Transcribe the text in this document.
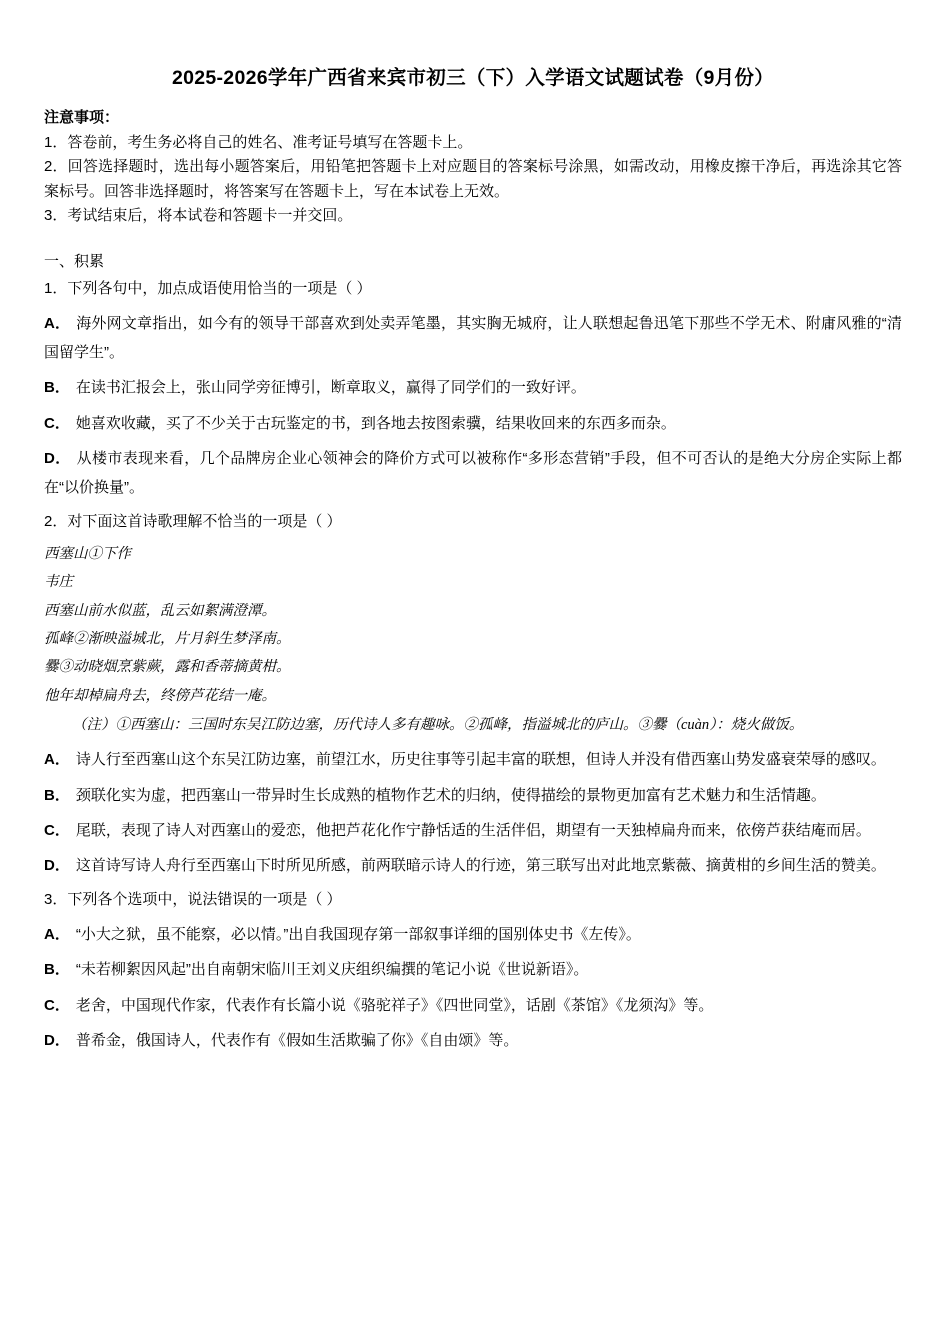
2025-2026学年广西省来宾市初三（下）入学语文试题试卷（9月份）
注意事项：

1．答卷前，考生务必将自己的姓名、准考证号填写在答题卡上。

2．回答选择题时，选出每小题答案后，用铅笔把答题卡上对应题目的答案标号涂黑，如需改动，用橡皮擦干净后，再选涂其它答案标号。回答非选择题时，将答案写在答题卡上，写在本试卷上无效。

3．考试结束后，将本试卷和答题卡一并交回。

一、积累

1．下列各句中，加点成语使用恰当的一项是（ ）

A． 海外网文章指出，如今有的领导干部喜欢到处卖弄笔墨，其实胸无城府，让人联想起鲁迅笔下那些不学无术、附庸风雅的“清国留学生”。

B． 在读书汇报会上，张山同学旁征博引，断章取义，赢得了同学们的一致好评。

C． 她喜欢收藏，买了不少关于古玩鉴定的书，到各地去按图索骥，结果收回来的东西多而杂。

D． 从楼市表现来看，几个品牌房企业心领神会的降价方式可以被称作“多形态营销”手段，但不可否认的是绝大分房企实际上都在“以价换量”。

2．对下面这首诗歌理解不恰当的一项是（ ）

西塞山①下作

韦庄

西塞山前水似蓝，乱云如絮满澄潭。

孤峰②渐映溢城北，片月斜生梦泽南。

爨③动晓烟烹紫蕨，露和香蒂摘黄柑。

他年却棹扁舟去，终傍芦花结一庵。

（注）①西塞山：三国时东吴江防边塞，历代诗人多有趣咏。②孤峰，指溢城北的庐山。③爨（cuàn）：烧火做饭。

A． 诗人行至西塞山这个东吴江防边塞，前望江水，历史往事等引起丰富的联想，但诗人并没有借西塞山势发盛衰荣辱的感叹。

B． 颈联化实为虚，把西塞山一带异时生长成熟的植物作艺术的归纳，使得描绘的景物更加富有艺术魅力和生活情趣。

C． 尾联，表现了诗人对西塞山的爱恋，他把芦花化作宁静恬适的生活伴侣，期望有一天独棹扁舟而来，依傍芦获结庵而居。

D． 这首诗写诗人舟行至西塞山下时所见所感，前两联暗示诗人的行迹，第三联写出对此地烹紫薇、摘黄柑的乡间生活的赞美。

3．下列各个选项中，说法错误的一项是（ ）

A． “小大之狱，虽不能察，必以情。”出自我国现存第一部叙事详细的国别体史书《左传》。

B． “未若柳絮因风起”出自南朝宋临川王刘义庆组织编撰的笔记小说《世说新语》。

C． 老舍，中国现代作家，代表作有长篇小说《骆驼祥子》《四世同堂》，话剧《茶馆》《龙须沟》等。

D． 普希金，俄国诗人，代表作有《假如生活欺骗了你》《自由颂》等。
